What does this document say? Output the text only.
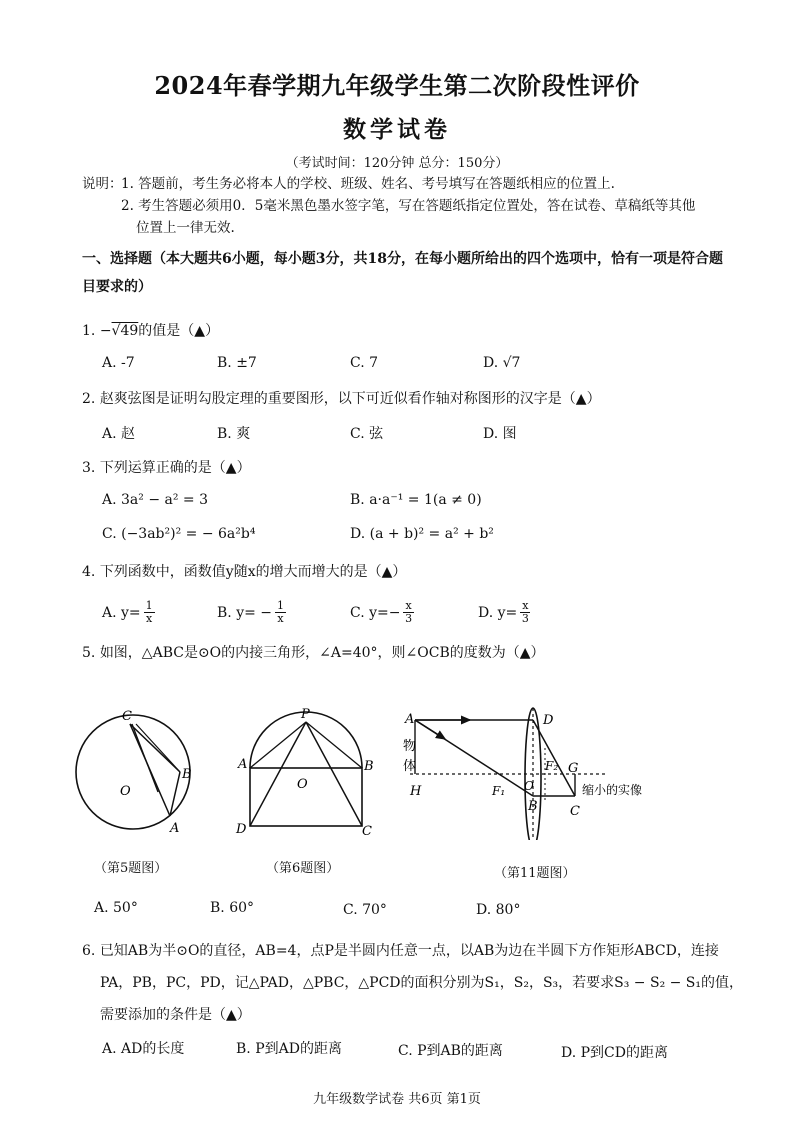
2024年春学期九年级学生第二次阶段性评价
数学试卷
（考试时间：120分钟 总分：150分）
说明：
1. 答题前，考生务必将本人的学校、班级、姓名、考号填写在答题纸相应的位置上.
2. 考生答题必须用0．5毫米黑色墨水签字笔，写在答题纸指定位置处，答在试卷、草稿纸等其他
位置上一律无效.
一、选择题（本大题共6小题，每小题3分，共18分，在每小题所给出的四个选项中，恰有一项是符合题
目要求的）
1. −√49的值是（▲）
A. -7	B. ±7	C. 7	D. √7
2. 赵爽弦图是证明勾股定理的重要图形，以下可近似看作轴对称图形的汉字是（▲）
A. 赵	B. 爽	C. 弦	D. 图
3. 下列运算正确的是（▲）
A. 3a² − a² = 3	B. a·a⁻¹ = 1(a ≠ 0)
C. (−3ab²)² = − 6a²b⁴	D. (a + b)² = a² + b²
4. 下列函数中，函数值y随x的增大而增大的是（▲）
A. $y= \frac{1}{x}$	B. $y= - \frac{1}{x}$	C. $y=- \frac{x}{3}$	D. $y= \frac{x}{3}$
5. 如图，△ABC是⊙O的内接三角形，∠A=40°，则∠OCB的度数为（▲）
C
B
O
A
（第5题图）
P
A	B
O
D	C
（第6题图）
A	D
物
体	F₂ G
H	F₁ O
B C
缩小的实像
（第11题图）
A. 50°	B. 60°	C. 70°	D. 80°
6. 已知AB为半⊙O的直径，AB=4，点P是半圆内任意一点，以AB为边在半圆下方作矩形ABCD，连接
PA，PB，PC，PD，记△PAD，△PBC，△PCD的面积分别为S₁，S₂，S₃，若要求S₃ − S₂ − S₁的值，
需要添加的条件是（▲）
A. AD的长度	B. P到AD的距离	C. P到AB的距离	D. P到CD的距离
九年级数学试卷 共6页 第1页
